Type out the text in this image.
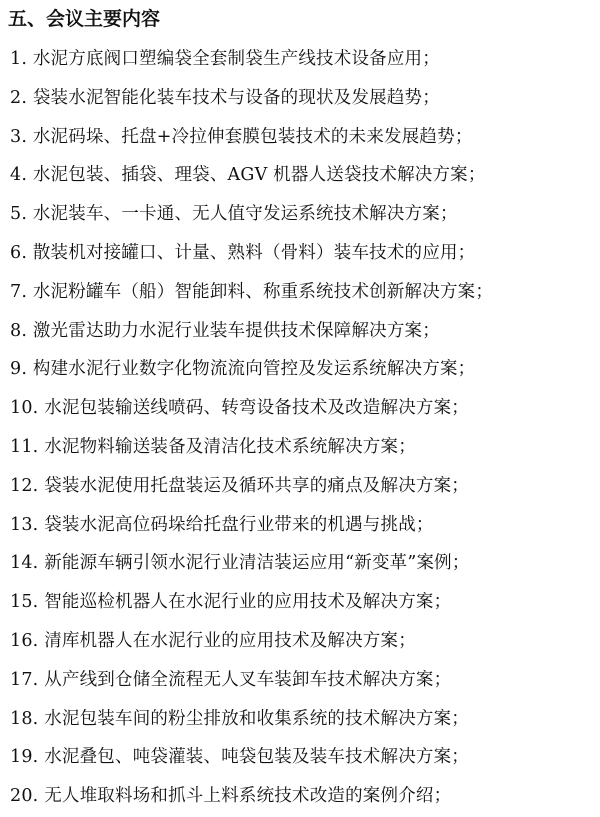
五、会议主要内容
1. 水泥方底阀口塑编袋全套制袋生产线技术设备应用；
2. 袋装水泥智能化装车技术与设备的现状及发展趋势；
3. 水泥码垛、托盘+冷拉伸套膜包装技术的未来发展趋势；
4. 水泥包装、插袋、理袋、AGV 机器人送袋技术解决方案；
5. 水泥装车、一卡通、无人值守发运系统技术解决方案；
6. 散装机对接罐口、计量、熟料（骨料）装车技术的应用；
7. 水泥粉罐车（船）智能卸料、称重系统技术创新解决方案；
8. 激光雷达助力水泥行业装车提供技术保障解决方案；
9. 构建水泥行业数字化物流流向管控及发运系统解决方案；
10. 水泥包装输送线喷码、转弯设备技术及改造解决方案；
11. 水泥物料输送装备及清洁化技术系统解决方案；
12. 袋装水泥使用托盘装运及循环共享的痛点及解决方案；
13. 袋装水泥高位码垛给托盘行业带来的机遇与挑战；
14. 新能源车辆引领水泥行业清洁装运应用“新变革”案例；
15. 智能巡检机器人在水泥行业的应用技术及解决方案；
16. 清库机器人在水泥行业的应用技术及解决方案；
17. 从产线到仓储全流程无人叉车装卸车技术解决方案；
18. 水泥包装车间的粉尘排放和收集系统的技术解决方案；
19. 水泥叠包、吨袋灌装、吨袋包装及装车技术解决方案；
20. 无人堆取料场和抓斗上料系统技术改造的案例介绍；
